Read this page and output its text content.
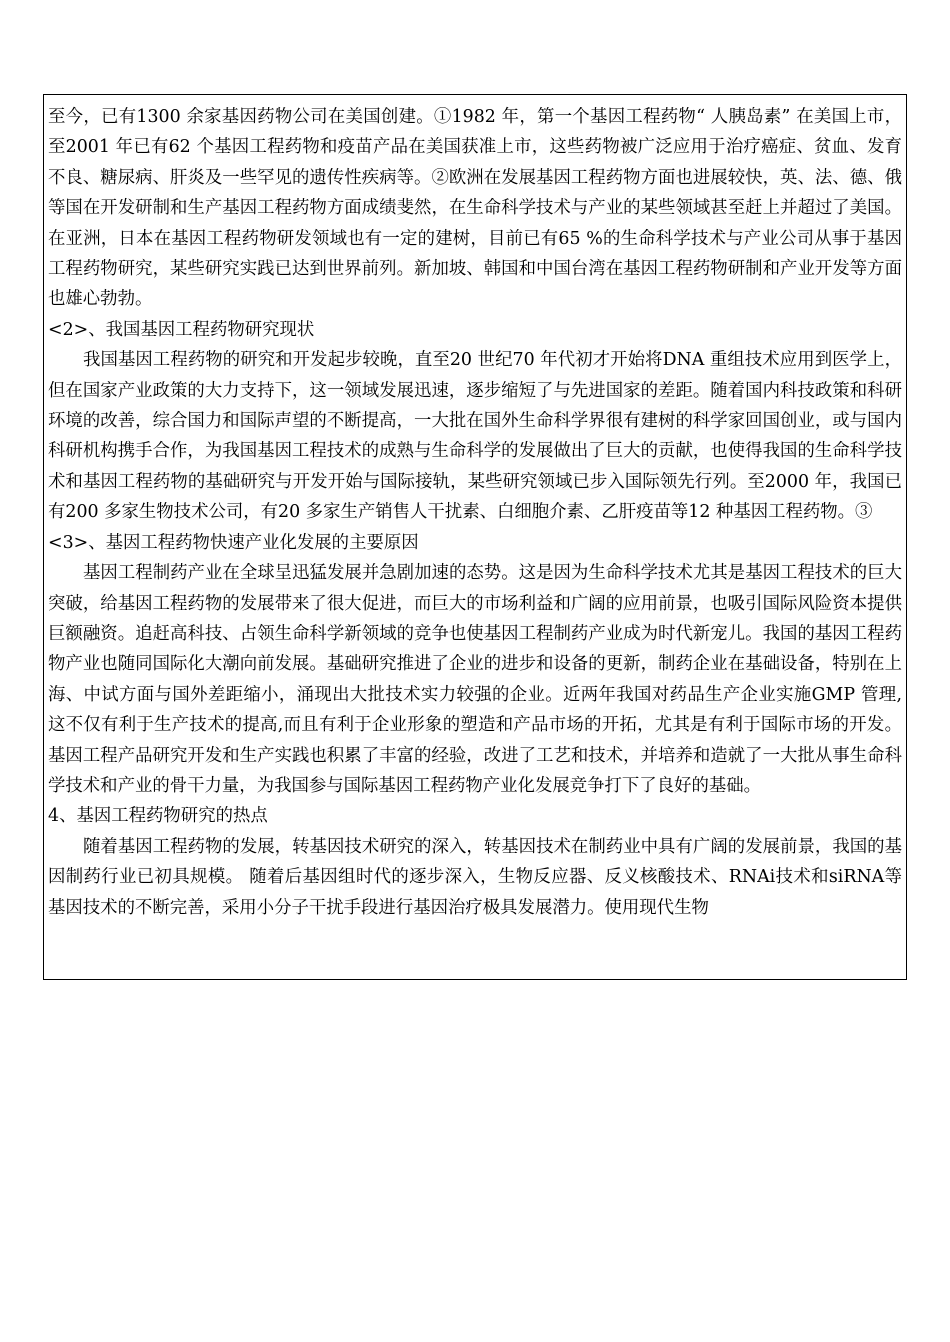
至今，已有1300 余家基因药物公司在美国创建。①1982 年，第一个基因工程药物“ 人胰岛素” 在美国上市，至2001 年已有62 个基因工程药物和疫苗产品在美国获准上市，这些药物被广泛应用于治疗癌症、贫血、发育不良、糖尿病、肝炎及一些罕见的遗传性疾病等。②欧洲在发展基因工程药物方面也进展较快，英、法、德、俄等国在开发研制和生产基因工程药物方面成绩斐然，在生命科学技术与产业的某些领域甚至赶上并超过了美国。在亚洲，日本在基因工程药物研发领域也有一定的建树，目前已有65 %的生命科学技术与产业公司从事于基因工程药物研究，某些研究实践已达到世界前列。新加坡、韩国和中国台湾在基因工程药物研制和产业开发等方面也雄心勃勃。

<2>、我国基因工程药物研究现状

我国基因工程药物的研究和开发起步较晚，直至20 世纪70 年代初才开始将DNA 重组技术应用到医学上，但在国家产业政策的大力支持下，这一领域发展迅速，逐步缩短了与先进国家的差距。随着国内科技政策和科研环境的改善，综合国力和国际声望的不断提高，一大批在国外生命科学界很有建树的科学家回国创业，或与国内科研机构携手合作，为我国基因工程技术的成熟与生命科学的发展做出了巨大的贡献，也使得我国的生命科学技术和基因工程药物的基础研究与开发开始与国际接轨，某些研究领域已步入国际领先行列。至2000 年，我国已有200 多家生物技术公司，有20 多家生产销售人干扰素、白细胞介素、乙肝疫苗等12 种基因工程药物。③

<3>、基因工程药物快速产业化发展的主要原因

基因工程制药产业在全球呈迅猛发展并急剧加速的态势。这是因为生命科学技术尤其是基因工程技术的巨大突破，给基因工程药物的发展带来了很大促进，而巨大的市场利益和广阔的应用前景，也吸引国际风险资本提供巨额融资。追赶高科技、占领生命科学新领域的竞争也使基因工程制药产业成为时代新宠儿。我国的基因工程药物产业也随同国际化大潮向前发展。基础研究推进了企业的进步和设备的更新，制药企业在基础设备，特别在上海、中试方面与国外差距缩小，涌现出大批技术实力较强的企业。近两年我国对药品生产企业实施GMP 管理,这不仅有利于生产技术的提高,而且有利于企业形象的塑造和产品市场的开拓，尤其是有利于国际市场的开发。基因工程产品研究开发和生产实践也积累了丰富的经验，改进了工艺和技术，并培养和造就了一大批从事生命科学技术和产业的骨干力量，为我国参与国际基因工程药物产业化发展竞争打下了良好的基础。

4、基因工程药物研究的热点

随着基因工程药物的发展，转基因技术研究的深入，转基因技术在制药业中具有广阔的发展前景，我国的基因制药行业已初具规模。 随着后基因组时代的逐步深入，生物反应器、反义核酸技术、RNAi技术和siRNA等基因技术的不断完善，采用小分子干扰手段进行基因治疗极具发展潜力。使用现代生物
